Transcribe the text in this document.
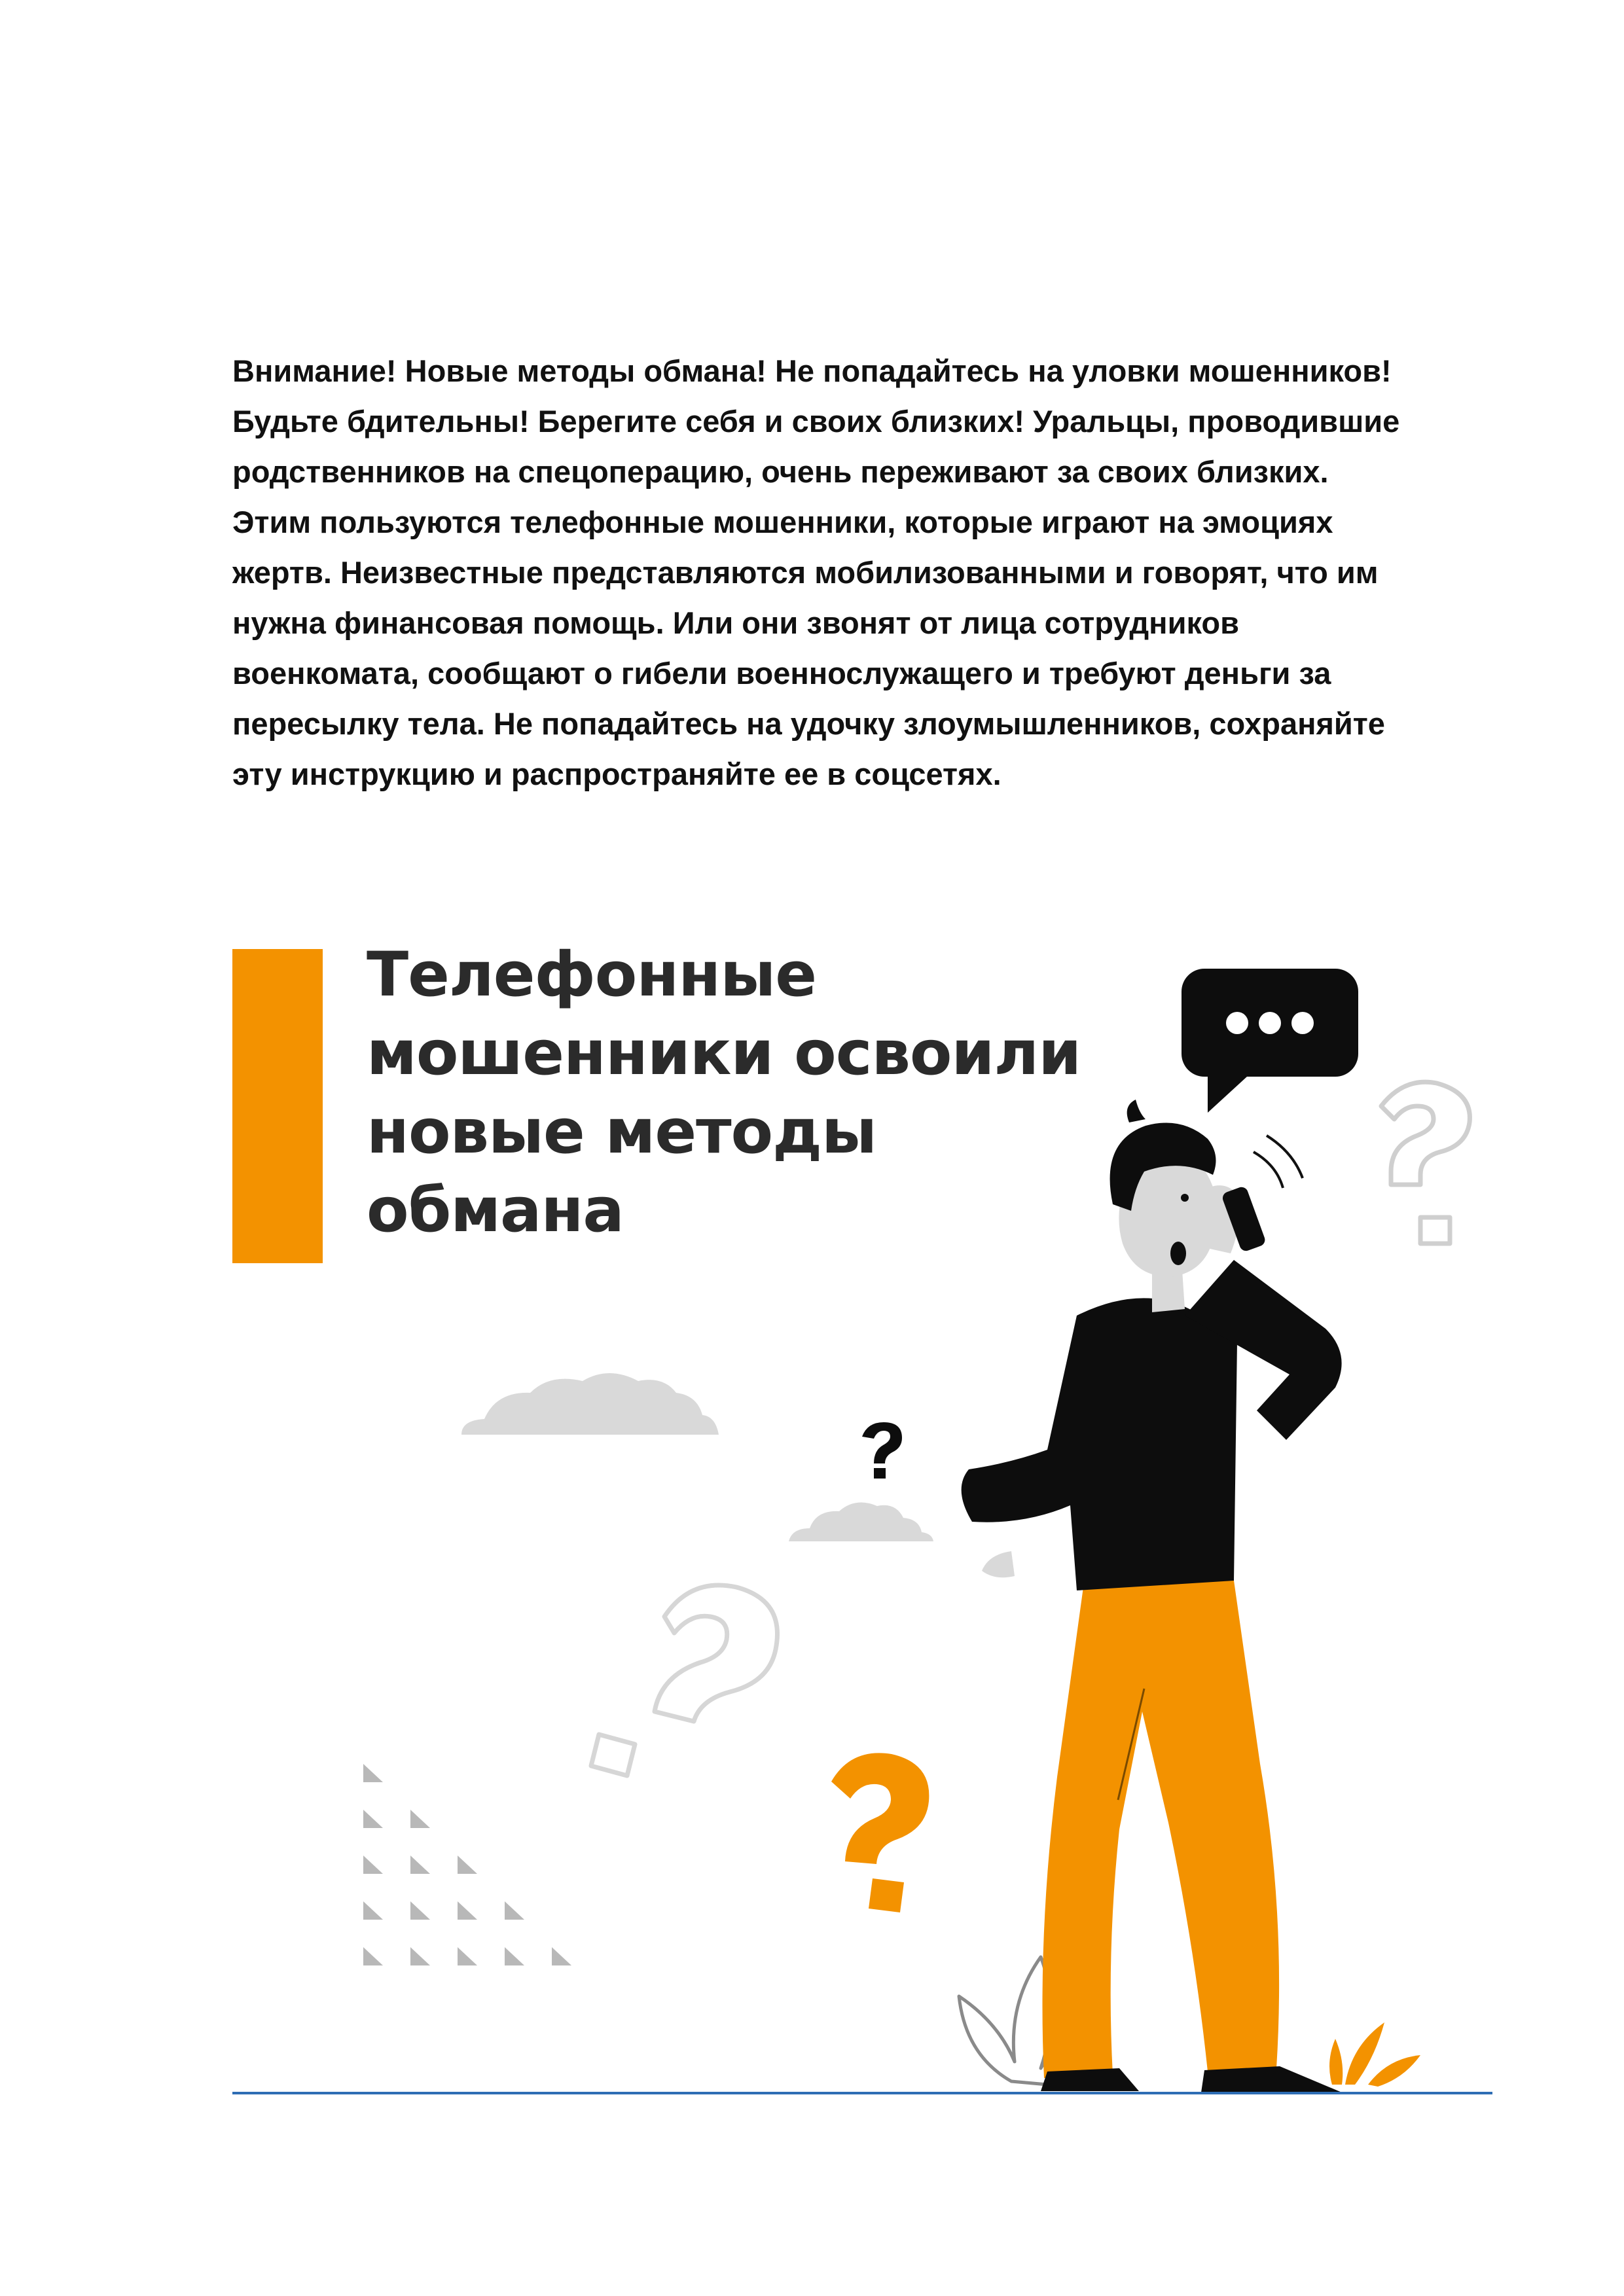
Внимание! Новые методы обмана! Не попадайтесь на уловки мошенников!
Будьте бдительны! Берегите себя и своих близких! Уральцы, проводившие
родственников на спецоперацию, очень переживают за своих близких.
Этим пользуются телефонные мошенники, которые играют на эмоциях
жертв. Неизвестные представляются мобилизованными и говорят, что им
нужна финансовая помощь. Или они звонят от лица сотрудников
военкомата, сообщают о гибели военнослужащего и требуют деньги за
пересылку тела. Не попадайтесь на удочку злоумышленников, сохраняйте
эту инструкцию и распространяйте ее в соцсетях.
Телефонные
мошенники освоили
новые методы
обмана
